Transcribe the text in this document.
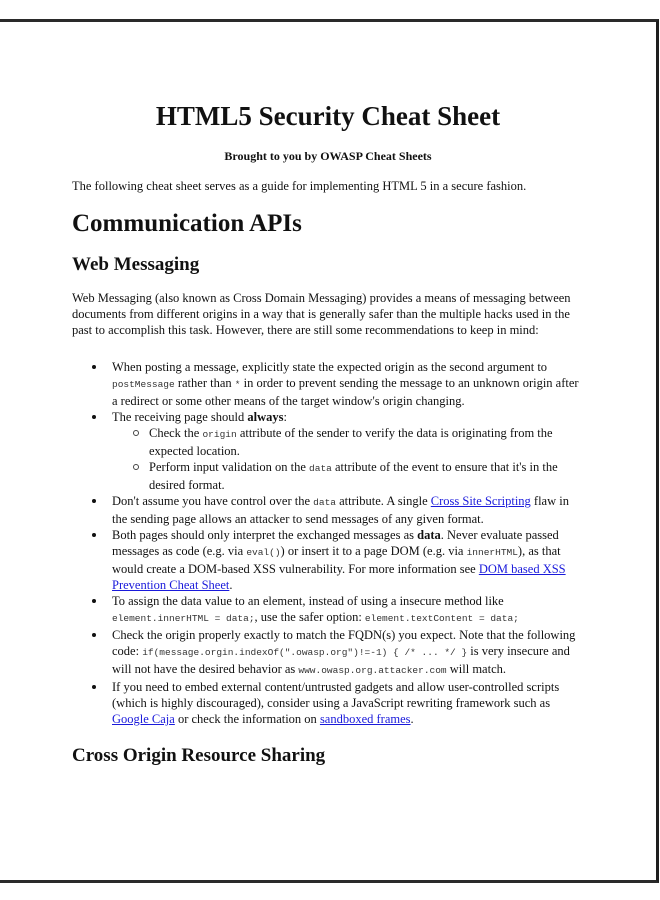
HTML5 Security Cheat Sheet

Brought to you by OWASP Cheat Sheets

The following cheat sheet serves as a guide for implementing HTML 5 in a secure fashion.

Communication APIs
Web Messaging

Web Messaging (also known as Cross Domain Messaging) provides a means of messaging between documents from different origins in a way that is generally safer than the multiple hacks used in the past to accomplish this task. However, there are still some recommendations to keep in mind:

When posting a message, explicitly state the expected origin as the second argument to postMessage rather than * in order to prevent sending the message to an unknown origin after a redirect or some other means of the target window's origin changing.
The receiving page should always:
Check the origin attribute of the sender to verify the data is originating from the expected location.
Perform input validation on the data attribute of the event to ensure that it's in the desired format.
Don't assume you have control over the data attribute. A single Cross Site Scripting flaw in the sending page allows an attacker to send messages of any given format.
Both pages should only interpret the exchanged messages as data. Never evaluate passed messages as code (e.g. via eval()) or insert it to a page DOM (e.g. via innerHTML), as that would create a DOM-based XSS vulnerability. For more information see DOM based XSS Prevention Cheat Sheet.
To assign the data value to an element, instead of using a insecure method like element.innerHTML = data;, use the safer option: element.textContent = data;
Check the origin properly exactly to match the FQDN(s) you expect. Note that the following code: if(message.orgin.indexOf(".owasp.org")!=-1) { /* ... */ } is very insecure and will not have the desired behavior as www.owasp.org.attacker.com will match.
If you need to embed external content/untrusted gadgets and allow user-controlled scripts (which is highly discouraged), consider using a JavaScript rewriting framework such as Google Caja or check the information on sandboxed frames.
Cross Origin Resource Sharing
